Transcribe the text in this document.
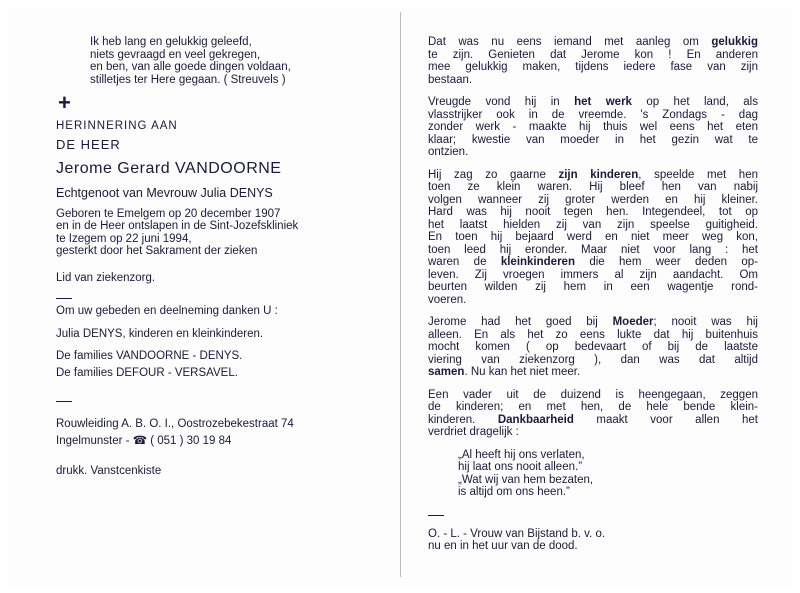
Ik heb lang en gelukkig geleefd,
niets gevraagd en veel gekregen,
en ben, van alle goede dingen voldaan,
stilletjes ter Here gegaan. ( Streuvels )
+
HERINNERING AAN
DE HEER
Jerome Gerard VANDOORNE
Echtgenoot van Mevrouw Julia DENYS
Geboren te Emelgem op 20 december 1907
en in de Heer ontslapen in de Sint-Jozefskliniek
te Izegem op 22 juni 1994,
gesterkt door het Sakrament der zieken
Lid van ziekenzorg.
Om uw gebeden en deelneming danken U :
Julia DENYS, kinderen en kleinkinderen.
De families VANDOORNE - DENYS.
De families DEFOUR - VERSAVEL.
Rouwleiding A. B. O. I., Oostrozebekestraat 74
Ingelmunster - ☎ ( 051 ) 30 19 84
drukk. Vanstcenkiste
Dat was nu eens iemand met aanleg om gelukkig
te zijn. Genieten dat Jerome kon ! En anderen
mee gelukkig maken, tijdens iedere fase van zijn
bestaan.
Vreugde vond hij in het werk op het land, als
vlasstrijker ook in de vreemde. 's Zondags - dag
zonder werk - maakte hij thuis wel eens het eten
klaar; kwestie van moeder in het gezin wat te
ontzien.
Hij zag zo gaarne zijn kinderen, speelde met hen
toen ze klein waren. Hij bleef hen van nabij
volgen wanneer zij groter werden en hij kleiner.
Hard was hij nooit tegen hen. Integendeel, tot op
het laatst hielden zij van zijn speelse guitigheid.
En toen hij bejaard werd en niet meer weg kon,
toen leed hij eronder. Maar niet voor lang : het
waren de kleinkinderen die hem weer deden op-
leven. Zij vroegen immers al zijn aandacht. Om
beurten wilden zij hem in een wagentje rond-
voeren.
Jerome had het goed bij Moeder; nooit was hij
alleen. En als het zo eens lukte dat hij buitenhuis
mocht komen ( op bedevaart of bij de laatste
viering van ziekenzorg ), dan was dat altijd
samen. Nu kan het niet meer.
Een vader uit de duizend is heengegaan, zeggen
de kinderen; en met hen, de hele bende klein-
kinderen. Dankbaarheid maakt voor allen het
verdriet dragelijk :
„Al heeft hij ons verlaten,
hij laat ons nooit alleen.”
„Wat wij van hem bezaten,
is altijd om ons heen.”
O. - L. - Vrouw van Bijstand b. v. o.
nu en in het uur van de dood.
